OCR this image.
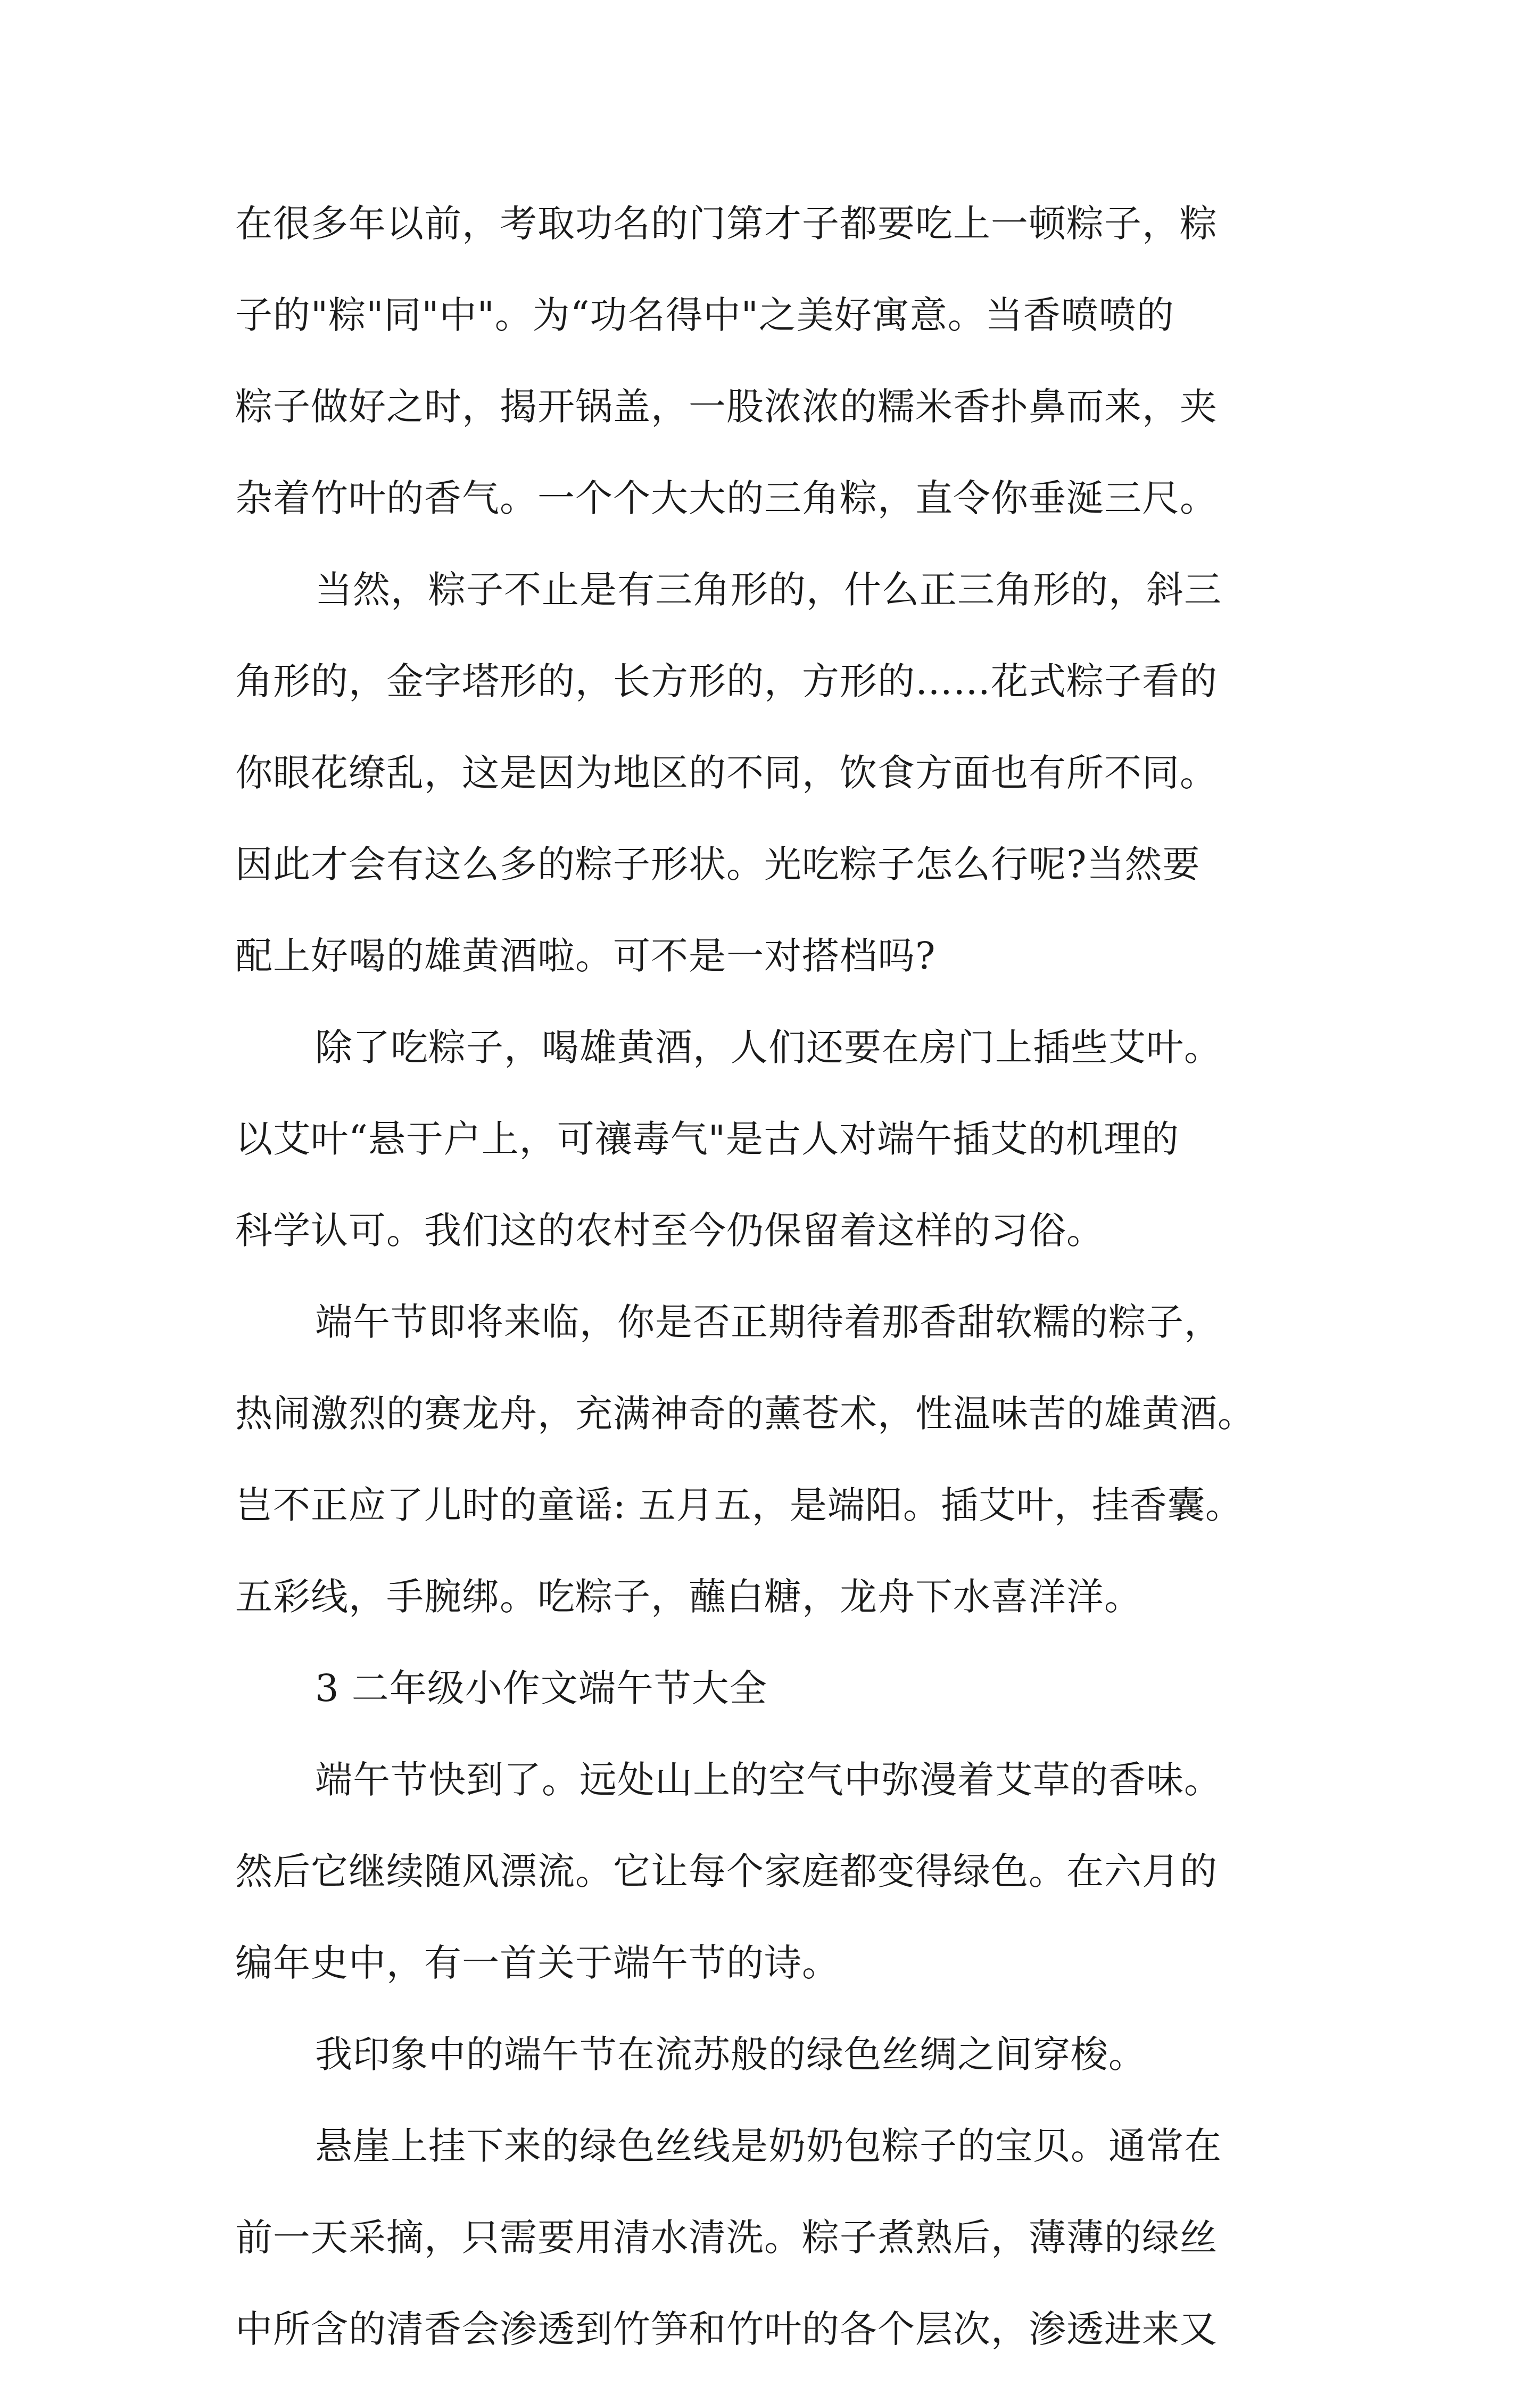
在很多年以前，考取功名的门第才子都要吃上一顿粽子，粽
子的"粽"同"中"。为“功名得中"之美好寓意。当香喷喷的
粽子做好之时，揭开锅盖，一股浓浓的糯米香扑鼻而来，夹
杂着竹叶的香气。一个个大大的三角粽，直令你垂涎三尺。
当然，粽子不止是有三角形的，什么正三角形的，斜三
角形的，金字塔形的，长方形的，方形的……花式粽子看的
你眼花缭乱，这是因为地区的不同，饮食方面也有所不同。
因此才会有这么多的粽子形状。光吃粽子怎么行呢?当然要
配上好喝的雄黄酒啦。可不是一对搭档吗?
除了吃粽子，喝雄黄酒，人们还要在房门上插些艾叶。
以艾叶“悬于户上，可禳毒气"是古人对端午插艾的机理的
科学认可。我们这的农村至今仍保留着这样的习俗。
端午节即将来临，你是否正期待着那香甜软糯的粽子，
热闹激烈的赛龙舟，充满神奇的薰苍术，性温味苦的雄黄酒。
岂不正应了儿时的童谣: 五月五，是端阳。插艾叶，挂香囊。
五彩线，手腕绑。吃粽子，蘸白糖，龙舟下水喜洋洋。
3 二年级小作文端午节大全
端午节快到了。远处山上的空气中弥漫着艾草的香味。
然后它继续随风漂流。它让每个家庭都变得绿色。在六月的
编年史中，有一首关于端午节的诗。
我印象中的端午节在流苏般的绿色丝绸之间穿梭。
悬崖上挂下来的绿色丝线是奶奶包粽子的宝贝。通常在
前一天采摘，只需要用清水清洗。粽子煮熟后，薄薄的绿丝
中所含的清香会渗透到竹笋和竹叶的各个层次，渗透进来又
